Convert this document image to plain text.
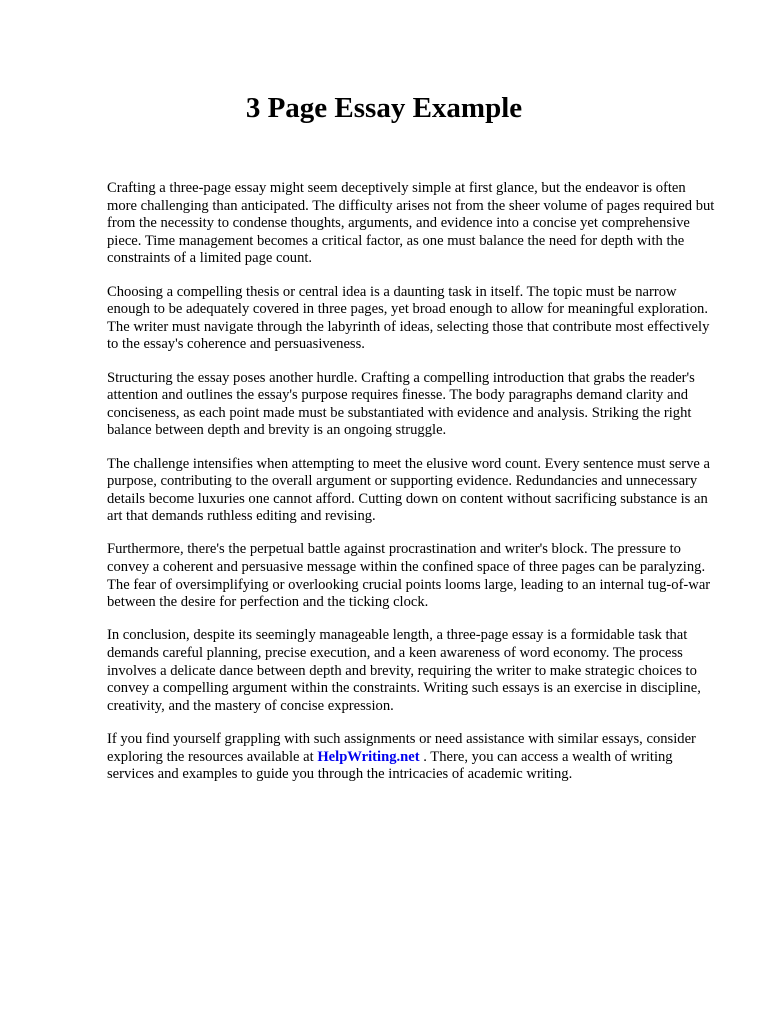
3 Page Essay Example

Crafting a three-page essay might seem deceptively simple at first glance, but the endeavor is often more challenging than anticipated. The difficulty arises not from the sheer volume of pages required but from the necessity to condense thoughts, arguments, and evidence into a concise yet comprehensive piece. Time management becomes a critical factor, as one must balance the need for depth with the constraints of a limited page count.

Choosing a compelling thesis or central idea is a daunting task in itself. The topic must be narrow enough to be adequately covered in three pages, yet broad enough to allow for meaningful exploration. The writer must navigate through the labyrinth of ideas, selecting those that contribute most effectively to the essay's coherence and persuasiveness.

Structuring the essay poses another hurdle. Crafting a compelling introduction that grabs the reader's attention and outlines the essay's purpose requires finesse. The body paragraphs demand clarity and conciseness, as each point made must be substantiated with evidence and analysis. Striking the right balance between depth and brevity is an ongoing struggle.

The challenge intensifies when attempting to meet the elusive word count. Every sentence must serve a purpose, contributing to the overall argument or supporting evidence. Redundancies and unnecessary details become luxuries one cannot afford. Cutting down on content without sacrificing substance is an art that demands ruthless editing and revising.

Furthermore, there's the perpetual battle against procrastination and writer's block. The pressure to convey a coherent and persuasive message within the confined space of three pages can be paralyzing. The fear of oversimplifying or overlooking crucial points looms large, leading to an internal tug-of-war between the desire for perfection and the ticking clock.

In conclusion, despite its seemingly manageable length, a three-page essay is a formidable task that demands careful planning, precise execution, and a keen awareness of word economy. The process involves a delicate dance between depth and brevity, requiring the writer to make strategic choices to convey a compelling argument within the constraints. Writing such essays is an exercise in discipline, creativity, and the mastery of concise expression.

If you find yourself grappling with such assignments or need assistance with similar essays, consider exploring the resources available at HelpWriting.net . There, you can access a wealth of writing services and examples to guide you through the intricacies of academic writing.
